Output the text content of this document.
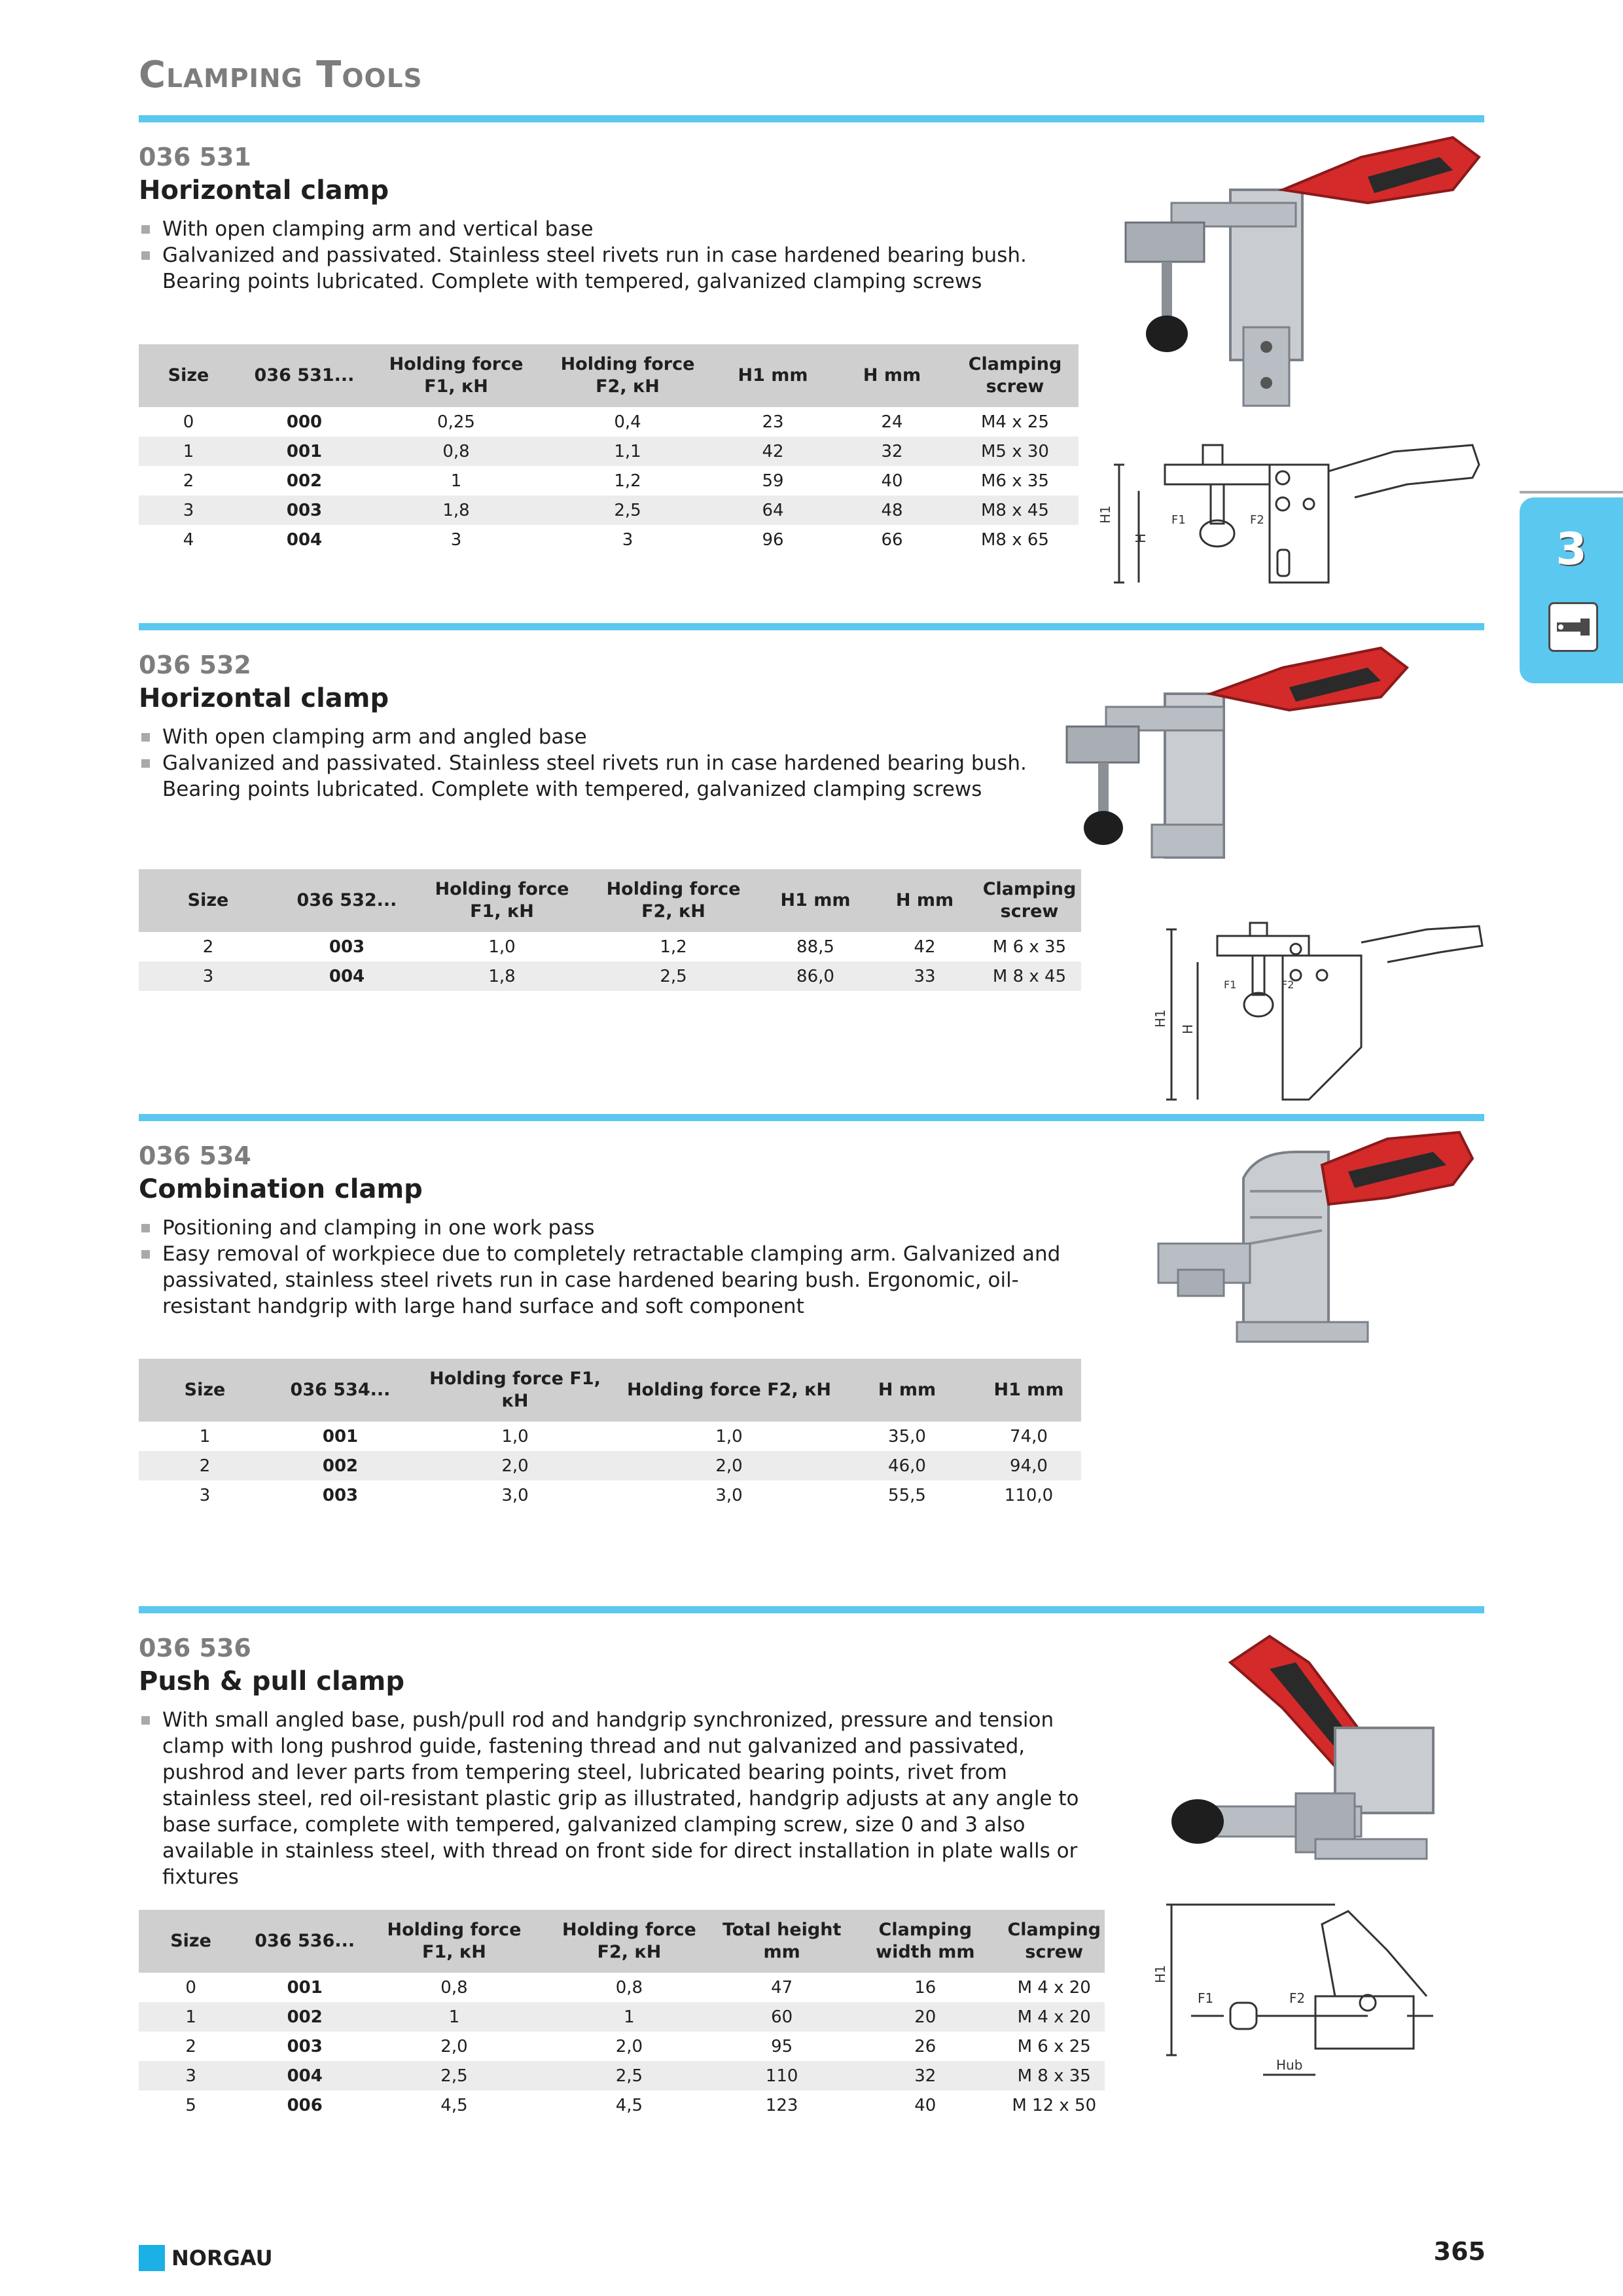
Clamping Tools
3
036 531
Horizontal clamp
With open clamping arm and vertical base
Galvanized and passivated. Stainless steel rivets run in case hardened bearing bush. Bearing points lubricated. Complete with tempered, galvanized clamping screws
Size	036 531...	Holding force F1, кН	Holding force F2, кН	H1 mm	H mm	Clamping screw
0	000	0,25	0,4	23	24	M4 x 25
1	001	0,8	1,1	42	32	M5 x 30
2	002	1	1,2	59	40	M6 x 35
3	003	1,8	2,5	64	48	M8 x 45
4	004	3	3	96	66	M8 x 65
H1
H
F1	F2
036 532
Horizontal clamp
With open clamping arm and angled base
Galvanized and passivated. Stainless steel rivets run in case hardened bearing bush. Bearing points lubricated. Complete with tempered, galvanized clamping screws
Size	036 532...	Holding force F1, кН	Holding force F2, кН	H1 mm	H mm	Clamping screw
2	003	1,0	1,2	88,5	42	M 6 x 35
3	004	1,8	2,5	86,0	33	M 8 x 45
H1
H
F1	F2
036 534
Combination clamp
Positioning and clamping in one work pass
Easy removal of workpiece due to completely retractable clamping arm. Galvanized and passivated, stainless steel rivets run in case hardened bearing bush. Ergonomic, oil-resistant handgrip with large hand surface and soft component
Size	036 534...	Holding force F1, кН	Holding force F2, кН	H mm	H1 mm
1	001	1,0	1,0	35,0	74,0
2	002	2,0	2,0	46,0	94,0
3	003	3,0	3,0	55,5	110,0
036 536
Push & pull clamp
With small angled base, push/pull rod and handgrip synchronized, pressure and tension clamp with long pushrod guide, fastening thread and nut galvanized and passivated, pushrod and lever parts from tempering steel, lubricated bearing points, rivet from stainless steel, red oil-resistant plastic grip as illustrated, handgrip adjusts at any angle to base surface, complete with tempered, galvanized clamping screw, size 0 and 3 also available in stainless steel, with thread on front side for direct installation in plate walls or fixtures
Size	036 536...	Holding force F1, кН	Holding force F2, кН	Total height mm	Clamping width mm	Clamping screw
0	001	0,8	0,8	47	16	M 4 x 20
1	002	1	1	60	20	M 4 x 20
2	003	2,0	2,0	95	26	M 6 x 25
3	004	2,5	2,5	110	32	M 8 x 35
5	006	4,5	4,5	123	40	M 12 x 50
H1
F1	F2
Hub
NORGAU	365
